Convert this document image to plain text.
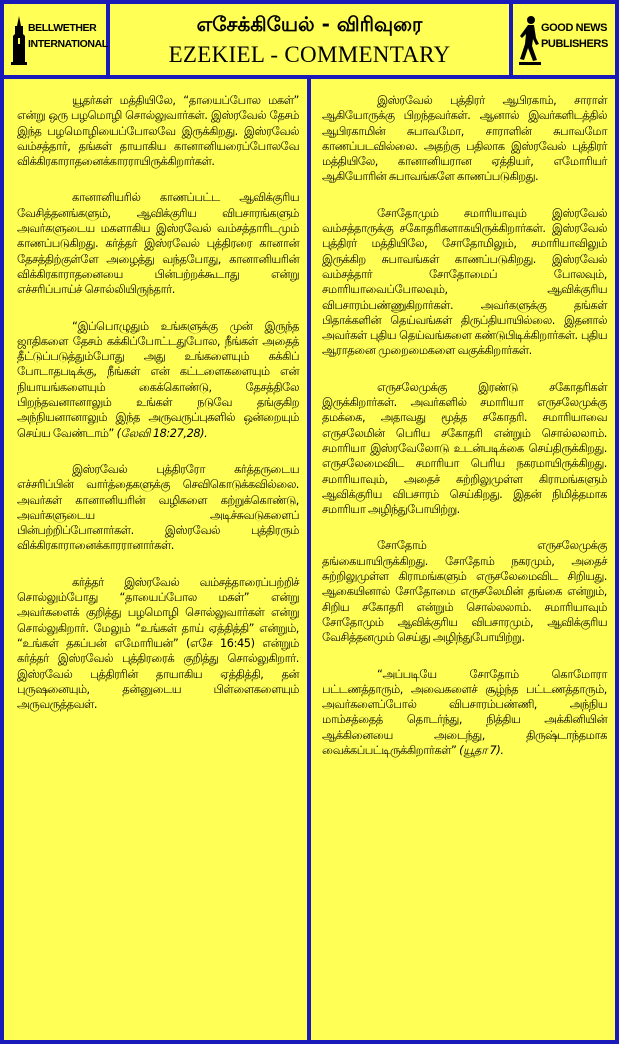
BELLWETHER
INTERNATIONAL
எசேக்கியேல் - விரிவுரை
EZEKIEL - COMMENTARY
GOOD NEWS
PUBLISHERS

யூதர்கள் மத்தியிலே, “தாயைப்போல மகள்” என்று ஒரு பழமொழி சொல்லுவார்கள். இஸ்ரவேல் தேசம் இந்த பழமொழியைப்போலவே இருக்கிறது. இஸ்ரவேல் வம்சத்தார், தங்கள் தாயாகிய கானானியரைப்போலவே விக்கிரகாராதனைக்காரராயிருக்கிறார்கள்.

கானானியரில் காணப்பட்ட ஆவிக்குரிய வேசித்தனங்களும், ஆவிக்குரிய விபசாரங்களும் அவர்களுடைய மகளாகிய இஸ்ரவேல் வம்சத்தாரிடமும் காணப்படுகிறது. கர்த்தர் இஸ்ரவேல் புத்திரரை கானான் தேசத்திற்குள்ளே அழைத்து வந்தபோது, கானானியரின் விக்கிரகாராதனையை பின்பற்றக்கூடாது என்று எச்சரிப்பாய்ச் சொல்லியிருந்தார்.

“இப்பொழுதும் உங்களுக்கு முன் இருந்த ஜாதிகளை தேசம் கக்கிப்போட்டதுபோல, நீங்கள் அதைத் தீட்டுப்படுத்தும்போது அது உங்களையும் கக்கிப் போடாதபடிக்கு, நீங்கள் என் கட்டளைகளையும் என் நியாயங்களையும் கைக்கொண்டு, தேசத்திலே பிறந்தவனானாலும் உங்கள் நடுவே தங்குகிற அந்நியனானாலும் இந்த அருவருப்புகளில் ஒன்றையும் செய்ய வேண்டாம்” (லேவி 18:27,28).

இஸ்ரவேல் புத்திரரோ கர்த்தருடைய எச்சரிப்பின் வார்த்தைகளுக்கு செவிகொடுக்கவில்லை. அவர்கள் கானானியரின் வழிகளை கற்றுக்கொண்டு, அவர்களுடைய அடிச்சுவடுகளைப் பின்பற்றிப்போனார்கள். இஸ்ரவேல் புத்திரரும் விக்கிரகாரானைக்காரரானார்கள்.

கர்த்தர் இஸ்ரவேல் வம்சத்தாரைப்பற்றிச் சொல்லும்போது “தாயைப்போல மகள்” என்று அவர்களைக் குறித்து பழமொழி சொல்லுவார்கள் என்று சொல்லுகிறார். மேலும் “உங்கள் தாய் ஏத்தித்தி” என்றும், “உங்கள் தகப்பன் எமோரியன்” (எசே 16:45) என்றும் கர்த்தர் இஸ்ரவேல் புத்திரரைக் குறித்து சொல்லுகிறார். இஸ்ரவேல் புத்திரரின் தாயாகிய ஏத்தித்தி, தன் புருஷனையும், தன்னுடைய பிள்ளைகளையும் அருவருத்தவள்.

இஸ்ரவேல் புத்திரர் ஆபிரகாம், சாராள் ஆகியோருக்கு பிறந்தவர்கள். ஆனால் இவர்களிடத்தில் ஆபிரகாமின் சுபாவமோ, சாராளின் சுபாவமோ காணப்படவில்லை. அதற்கு பதிலாக இஸ்ரவேல் புத்திரர் மத்தியிலே, கானானியரான ஏத்தியர், எமோரியர் ஆகியோரின் சுபாவங்களே காணப்படுகிறது.

சோதோமும் சமாரியாவும் இஸ்ரவேல் வம்சத்தாருக்கு சகோதரிகளாகயிருக்கிறார்கள். இஸ்ரவேல் புத்திரர் மத்தியிலே, சோதோமிலும், சமாரியாவிலும் இருக்கிற சுபாவங்கள் காணப்படுகிறது. இஸ்ரவேல் வம்சத்தார் சோதோமைப் போலவும், சமாரியாவைப்போலவும், ஆவிக்குரிய விபசாரம்பண்ணுகிறார்கள். அவர்களுக்கு தங்கள் பிதாக்களின் தெய்வங்கள் திருப்தியாயில்லை. இதனால் அவர்கள் புதிய தெய்வங்களை கண்டுபிடிக்கிறார்கள். புதிய ஆராதனை முறைமைகளை வகுக்கிறார்கள்.

எருசலேமுக்கு இரண்டு சகோதரிகள் இருக்கிறார்கள். அவர்களில் சமாரியா எருசலேமுக்கு தமக்கை, அதாவது மூத்த சகோதரி. சமாரியாவை எருசலேமின் பெரிய சகோதரி என்றும் சொல்லலாம். சமாரியா இஸ்ரவேலோடு உடன்படிக்கை செய்திருக்கிறது. எருசலேமைவிட சமாரியா பெரிய நகரமாயிருக்கிறது. சமாரியாவும், அதைச் சுற்றிலுமுள்ள கிராமங்களும் ஆவிக்குரிய விபசாரம் செய்கிறது. இதன் நிமித்தமாக சமாரியா அழிந்துபோயிற்று.

சோதோம் எருசலேமுக்கு தங்கையாயிருக்கிறது. சோதோம் நகரமும், அதைச் சுற்றிலுமுள்ள கிராமங்களும் எருசலேமைவிட சிறியது. ஆகையினால் சோதோமை எருசலேமின் தங்கை என்றும், சிறிய சகோதரி என்றும் சொல்லலாம். சமாரியாவும் சோதோமும் ஆவிக்குரிய விபசாரமும், ஆவிக்குரிய வேசித்தனமும் செய்து அழிந்துபோயிற்று.

“அப்படியே சோதோம் கொமோரா பட்டணத்தாரும், அவைகளைச் சூழ்ந்த பட்டணத்தாரும், அவர்களைப்போல் விபசாரம்பண்ணி, அந்நிய மாம்சத்தைத் தொடர்ந்து, நித்திய அக்கினியின் ஆக்கினையை அடைந்து, திருஷ்டாந்தமாக வைக்கப்பட்டிருக்கிறார்கள்” (யூதா 7).
